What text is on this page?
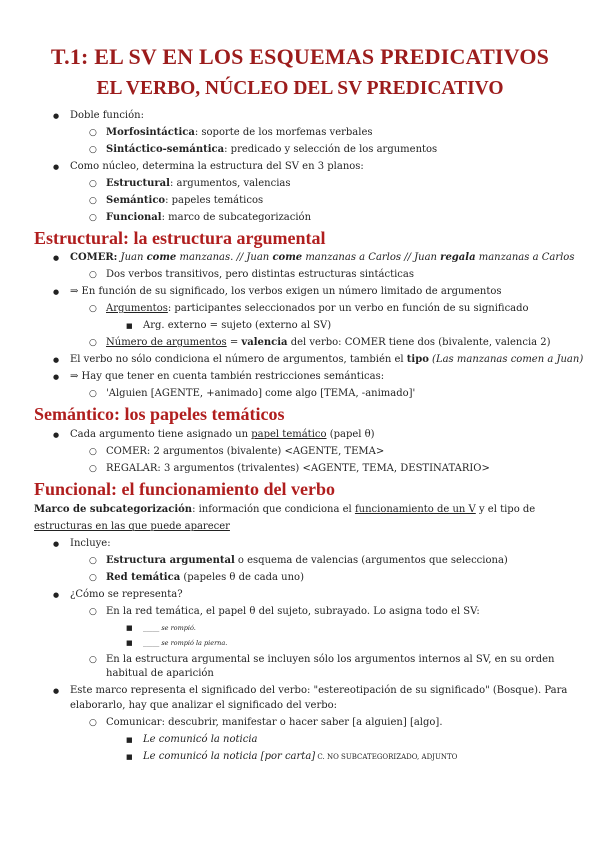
T.1: EL SV EN LOS ESQUEMAS PREDICATIVOS
EL VERBO, NÚCLEO DEL SV PREDICATIVO
● Doble función:
○ Morfosintáctica: soporte de los morfemas verbales
○ Sintáctico-semántica: predicado y selección de los argumentos
● Como núcleo, determina la estructura del SV en 3 planos:
○ Estructural: argumentos, valencias
○ Semántico: papeles temáticos
○ Funcional: marco de subcategorización
Estructural: la estructura argumental
● COMER: Juan come manzanas. // Juan come manzanas a Carlos // Juan regala manzanas a Carlos
○ Dos verbos transitivos, pero distintas estructuras sintácticas
● ⇒ En función de su significado, los verbos exigen un número limitado de argumentos
○ Argumentos: participantes seleccionados por un verbo en función de su significado
■ Arg. externo = sujeto (externo al SV)
○ Número de argumentos = valencia del verbo: COMER tiene dos (bivalente, valencia 2)
● El verbo no sólo condiciona el número de argumentos, también el tipo (Las manzanas comen a Juan)
● ⇒ Hay que tener en cuenta también restricciones semánticas:
○ 'Alguien [AGENTE, +animado] come algo [TEMA, -animado]'
Semántico: los papeles temáticos
● Cada argumento tiene asignado un papel temático (papel θ)
○ COMER: 2 argumentos (bivalente) <AGENTE, TEMA>
○ REGALAR: 3 argumentos (trivalentes) <AGENTE, TEMA, DESTINATARIO>
Funcional: el funcionamiento del verbo
Marco de subcategorización: información que condiciona el funcionamiento de un V y el tipo de
estructuras en las que puede aparecer
● Incluye:
○ Estructura argumental o esquema de valencias (argumentos que selecciona)
○ Red temática (papeles θ de cada uno)
● ¿Cómo se representa?
○ En la red temática, el papel θ del sujeto, subrayado. Lo asigna todo el SV:
■ _____ se rompió.
■ _____ se rompió la pierna.
○ En la estructura argumental se incluyen sólo los argumentos internos al SV, en su orden
habitual de aparición
● Este marco representa el significado del verbo: "estereotipación de su significado" (Bosque). Para
elaborarlo, hay que analizar el significado del verbo:
○ Comunicar: descubrir, manifestar o hacer saber [a alguien] [algo].
■ Le comunicó la noticia
■ Le comunicó la noticia [por carta] C. NO SUBCATEGORIZADO, ADJUNTO
